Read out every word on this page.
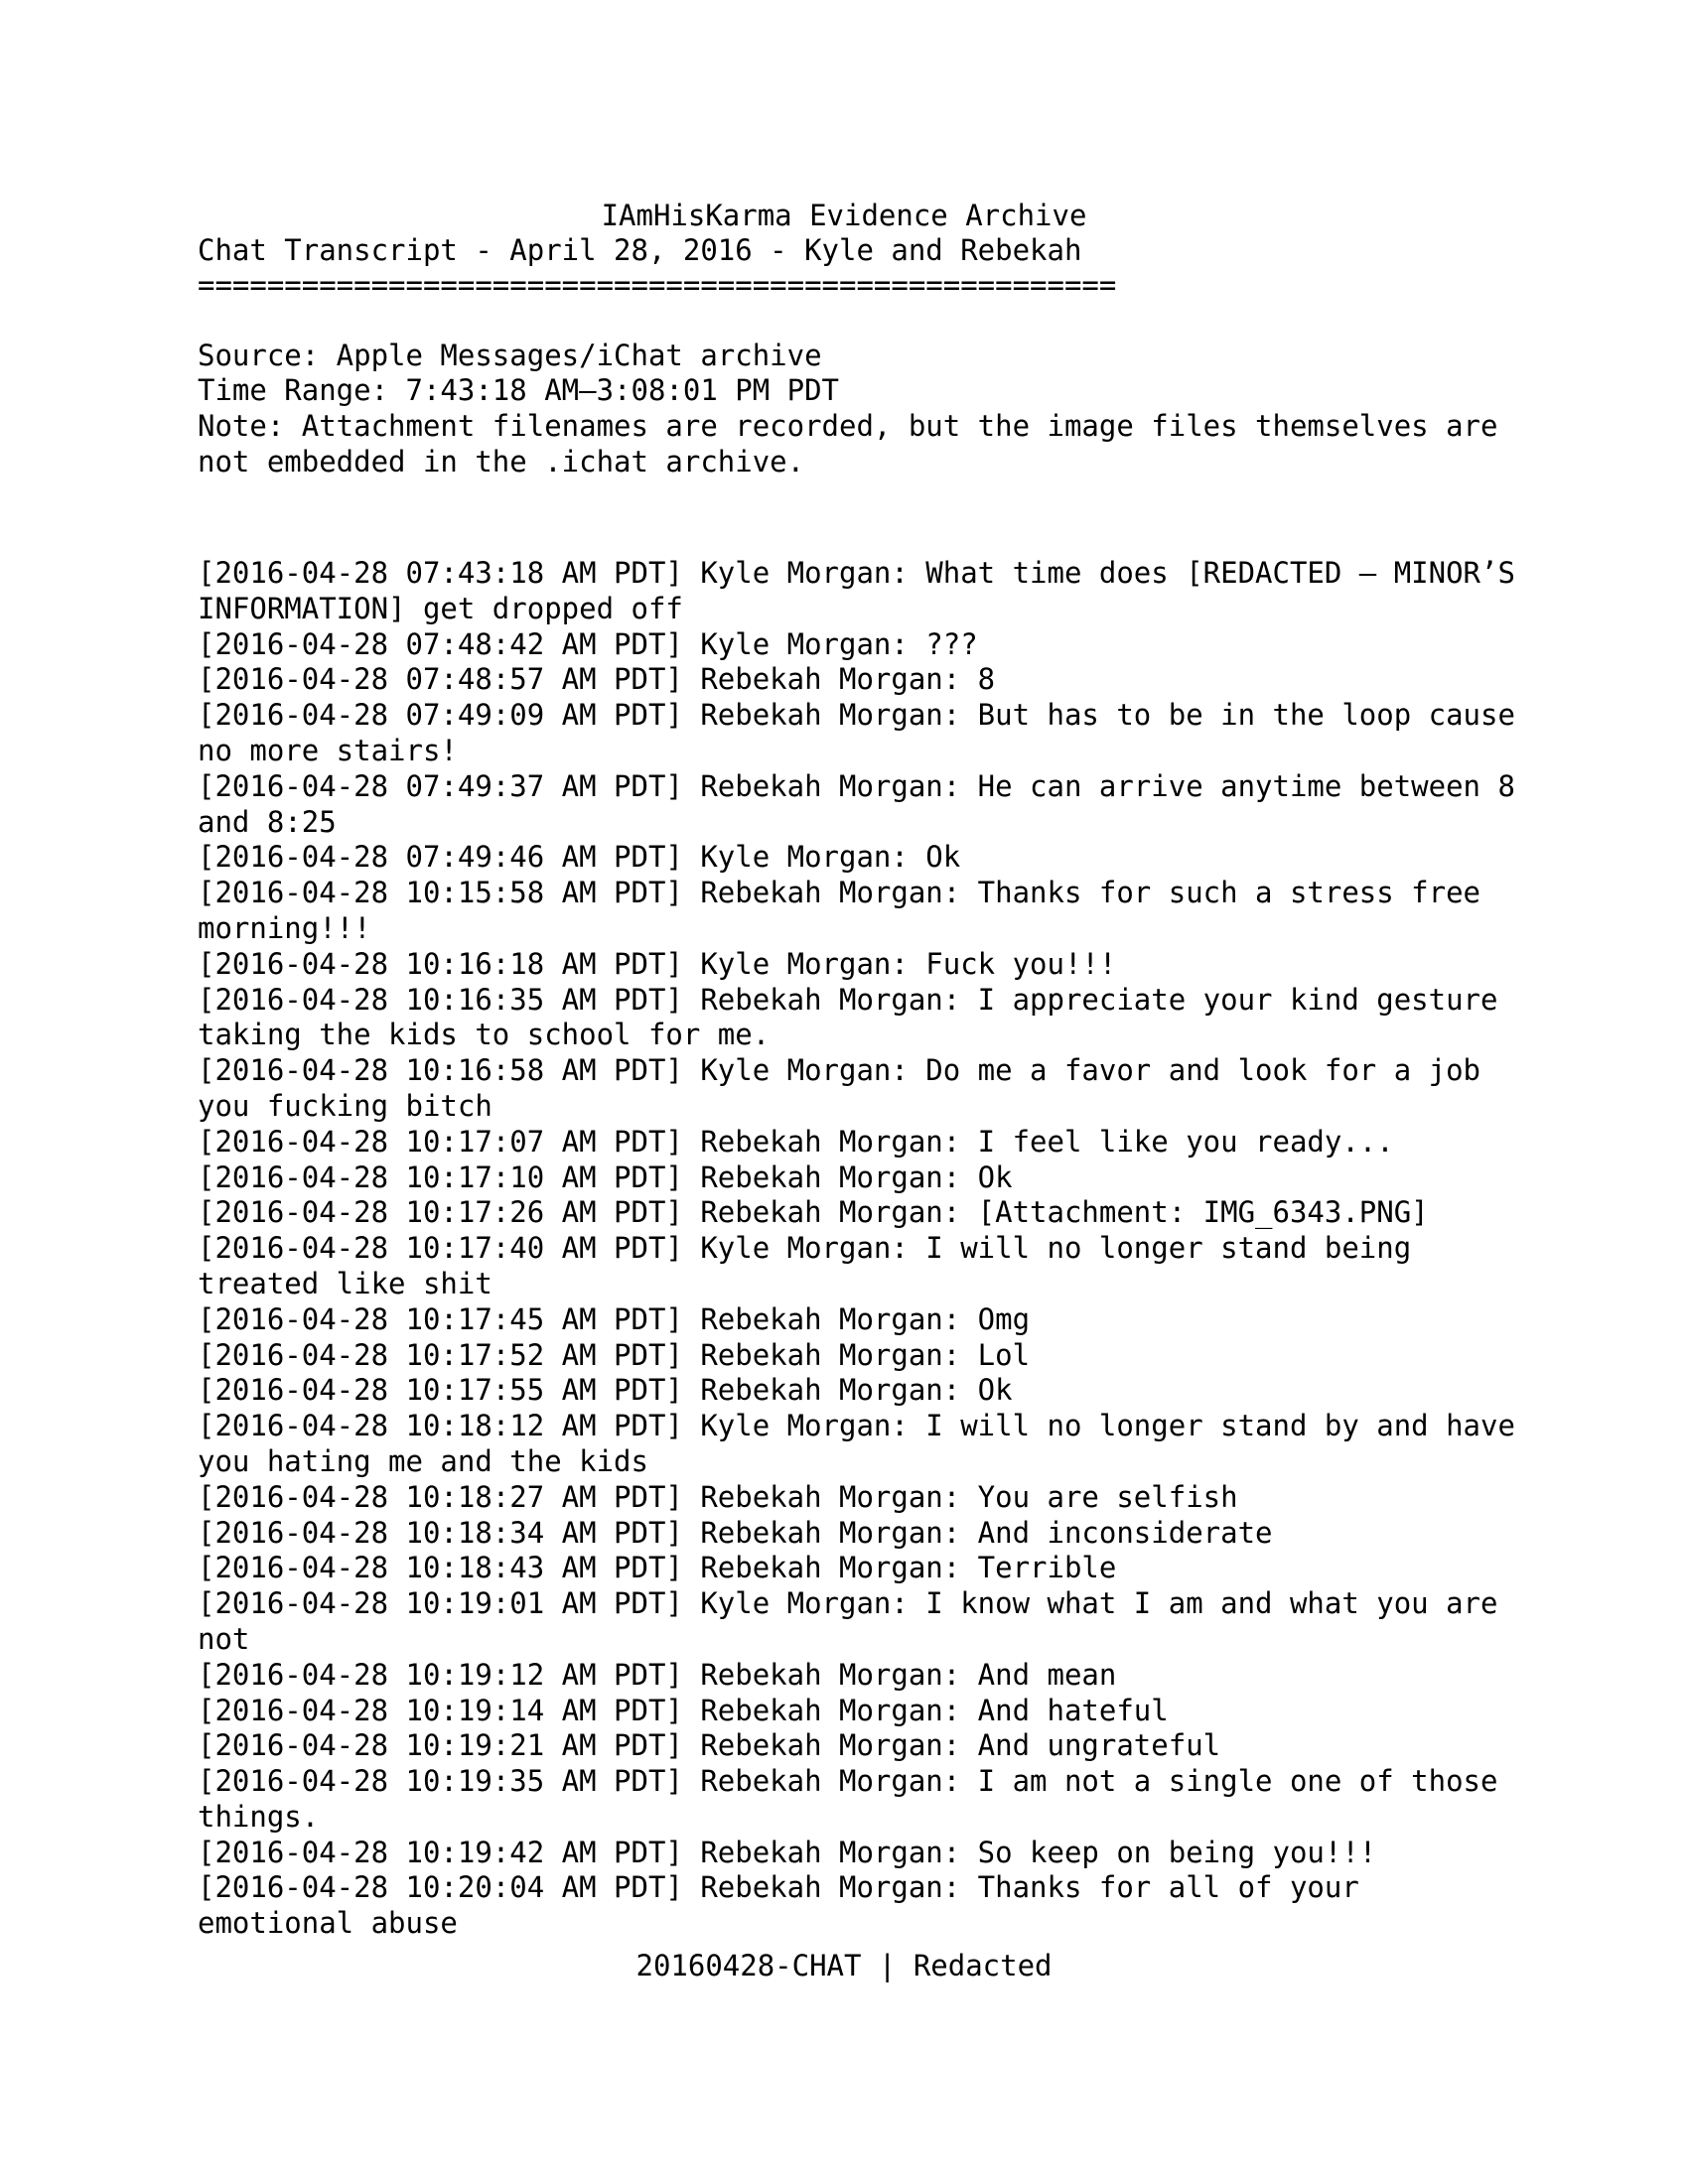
IAmHisKarma Evidence Archive
Chat Transcript - April 28, 2016 - Kyle and Rebekah
=====================================================
Source: Apple Messages/iChat archive
Time Range: 7:43:18 AM–3:08:01 PM PDT
Note: Attachment filenames are recorded, but the image files themselves are
not embedded in the .ichat archive.

[2016-04-28 07:43:18 AM PDT] Kyle Morgan: What time does [REDACTED – MINOR’S INFORMATION] get dropped off

[2016-04-28 07:48:42 AM PDT] Kyle Morgan: ???

[2016-04-28 07:48:57 AM PDT] Rebekah Morgan: 8

[2016-04-28 07:49:09 AM PDT] Rebekah Morgan: But has to be in the loop cause no more stairs!

[2016-04-28 07:49:37 AM PDT] Rebekah Morgan: He can arrive anytime between 8 and 8:25

[2016-04-28 07:49:46 AM PDT] Kyle Morgan: Ok

[2016-04-28 10:15:58 AM PDT] Rebekah Morgan: Thanks for such a stress free morning!!!

[2016-04-28 10:16:18 AM PDT] Kyle Morgan: Fuck you!!!

[2016-04-28 10:16:35 AM PDT] Rebekah Morgan: I appreciate your kind gesture taking the kids to school for me.

[2016-04-28 10:16:58 AM PDT] Kyle Morgan: Do me a favor and look for a job you fucking bitch

[2016-04-28 10:17:07 AM PDT] Rebekah Morgan: I feel like you ready...

[2016-04-28 10:17:10 AM PDT] Rebekah Morgan: Ok

[2016-04-28 10:17:26 AM PDT] Rebekah Morgan: [Attachment: IMG_6343.PNG]

[2016-04-28 10:17:40 AM PDT] Kyle Morgan: I will no longer stand being treated like shit

[2016-04-28 10:17:45 AM PDT] Rebekah Morgan: Omg

[2016-04-28 10:17:52 AM PDT] Rebekah Morgan: Lol

[2016-04-28 10:17:55 AM PDT] Rebekah Morgan: Ok

[2016-04-28 10:18:12 AM PDT] Kyle Morgan: I will no longer stand by and have you hating me and the kids

[2016-04-28 10:18:27 AM PDT] Rebekah Morgan: You are selfish

[2016-04-28 10:18:34 AM PDT] Rebekah Morgan: And inconsiderate

[2016-04-28 10:18:43 AM PDT] Rebekah Morgan: Terrible

[2016-04-28 10:19:01 AM PDT] Kyle Morgan: I know what I am and what you are not

[2016-04-28 10:19:12 AM PDT] Rebekah Morgan: And mean

[2016-04-28 10:19:14 AM PDT] Rebekah Morgan: And hateful

[2016-04-28 10:19:21 AM PDT] Rebekah Morgan: And ungrateful

[2016-04-28 10:19:35 AM PDT] Rebekah Morgan: I am not a single one of those things.

[2016-04-28 10:19:42 AM PDT] Rebekah Morgan: So keep on being you!!!

[2016-04-28 10:20:04 AM PDT] Rebekah Morgan: Thanks for all of your emotional abuse

20160428-CHAT | Redacted
